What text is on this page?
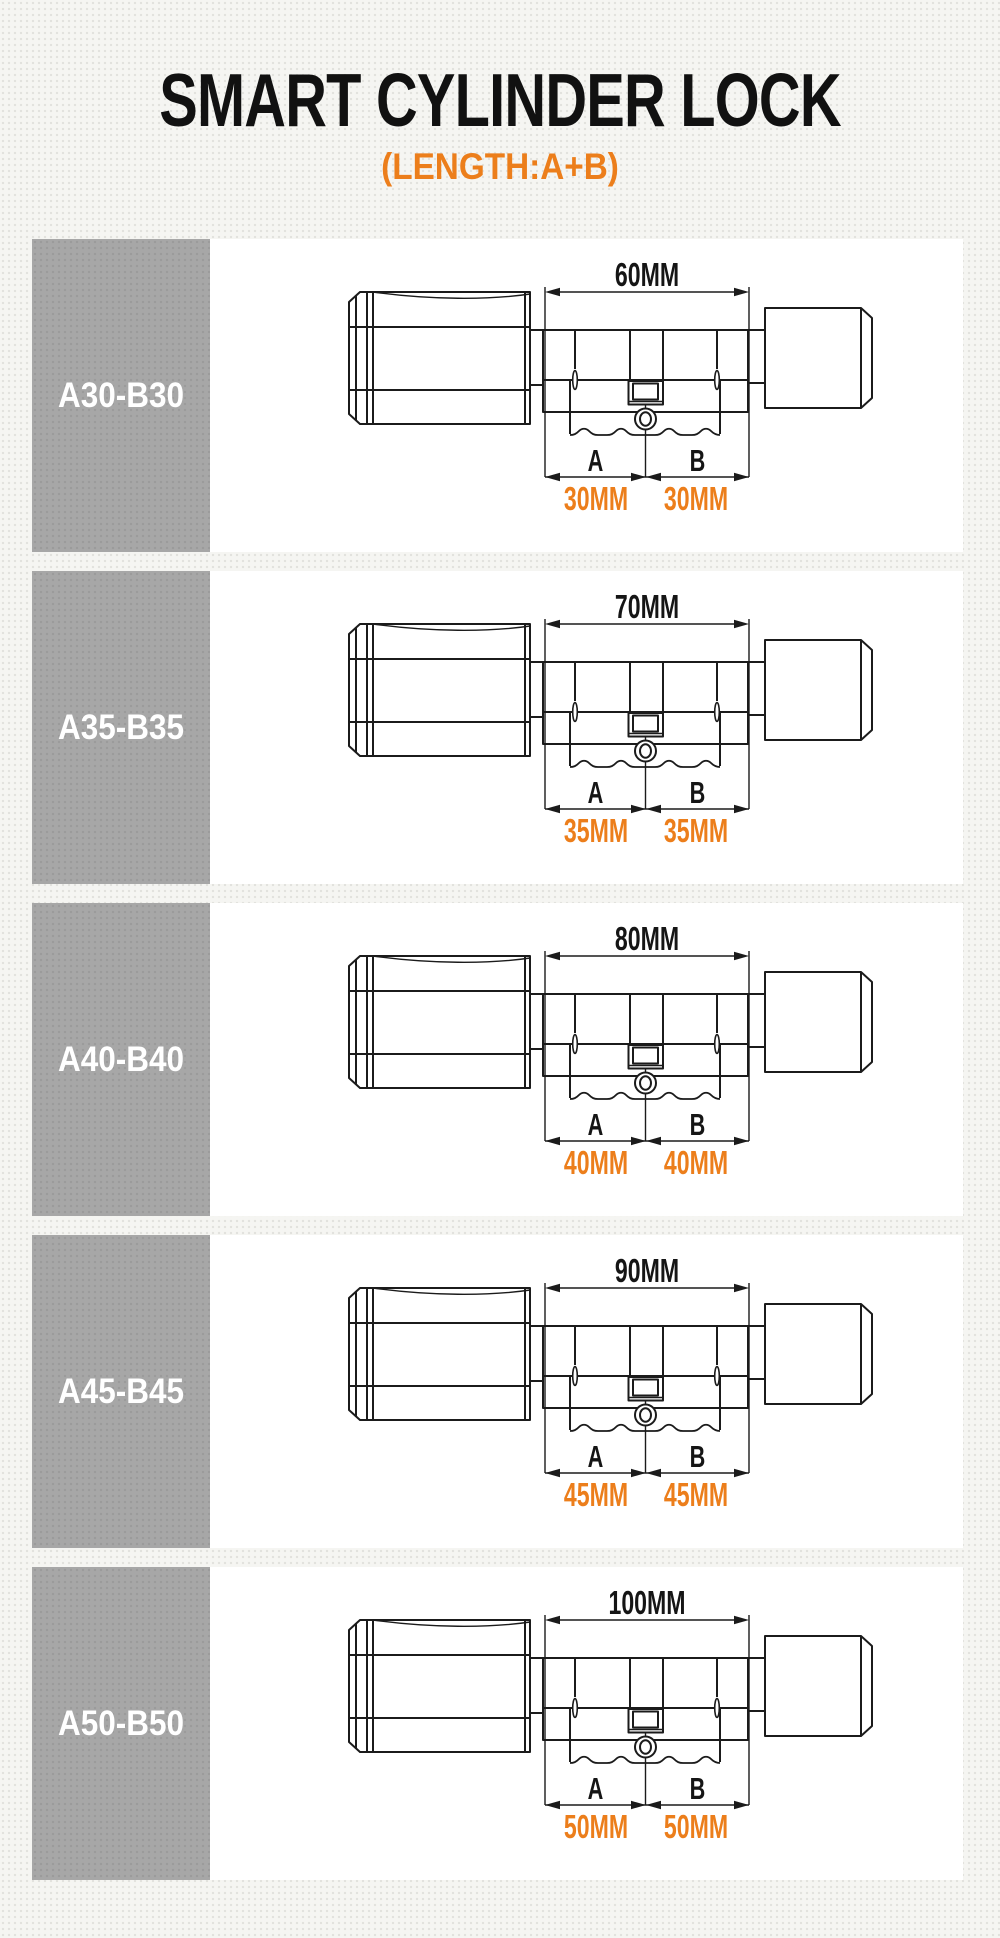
SMART CYLINDER LOCK
(LENGTH:A+B)
A30-B30
60MM
A	B
30MM	30MM
A35-B35
70MM
A	B
35MM	35MM
A40-B40
80MM
A	B
40MM	40MM
A45-B45
90MM
A	B
45MM	45MM
A50-B50
100MM
A	B
50MM	50MM
